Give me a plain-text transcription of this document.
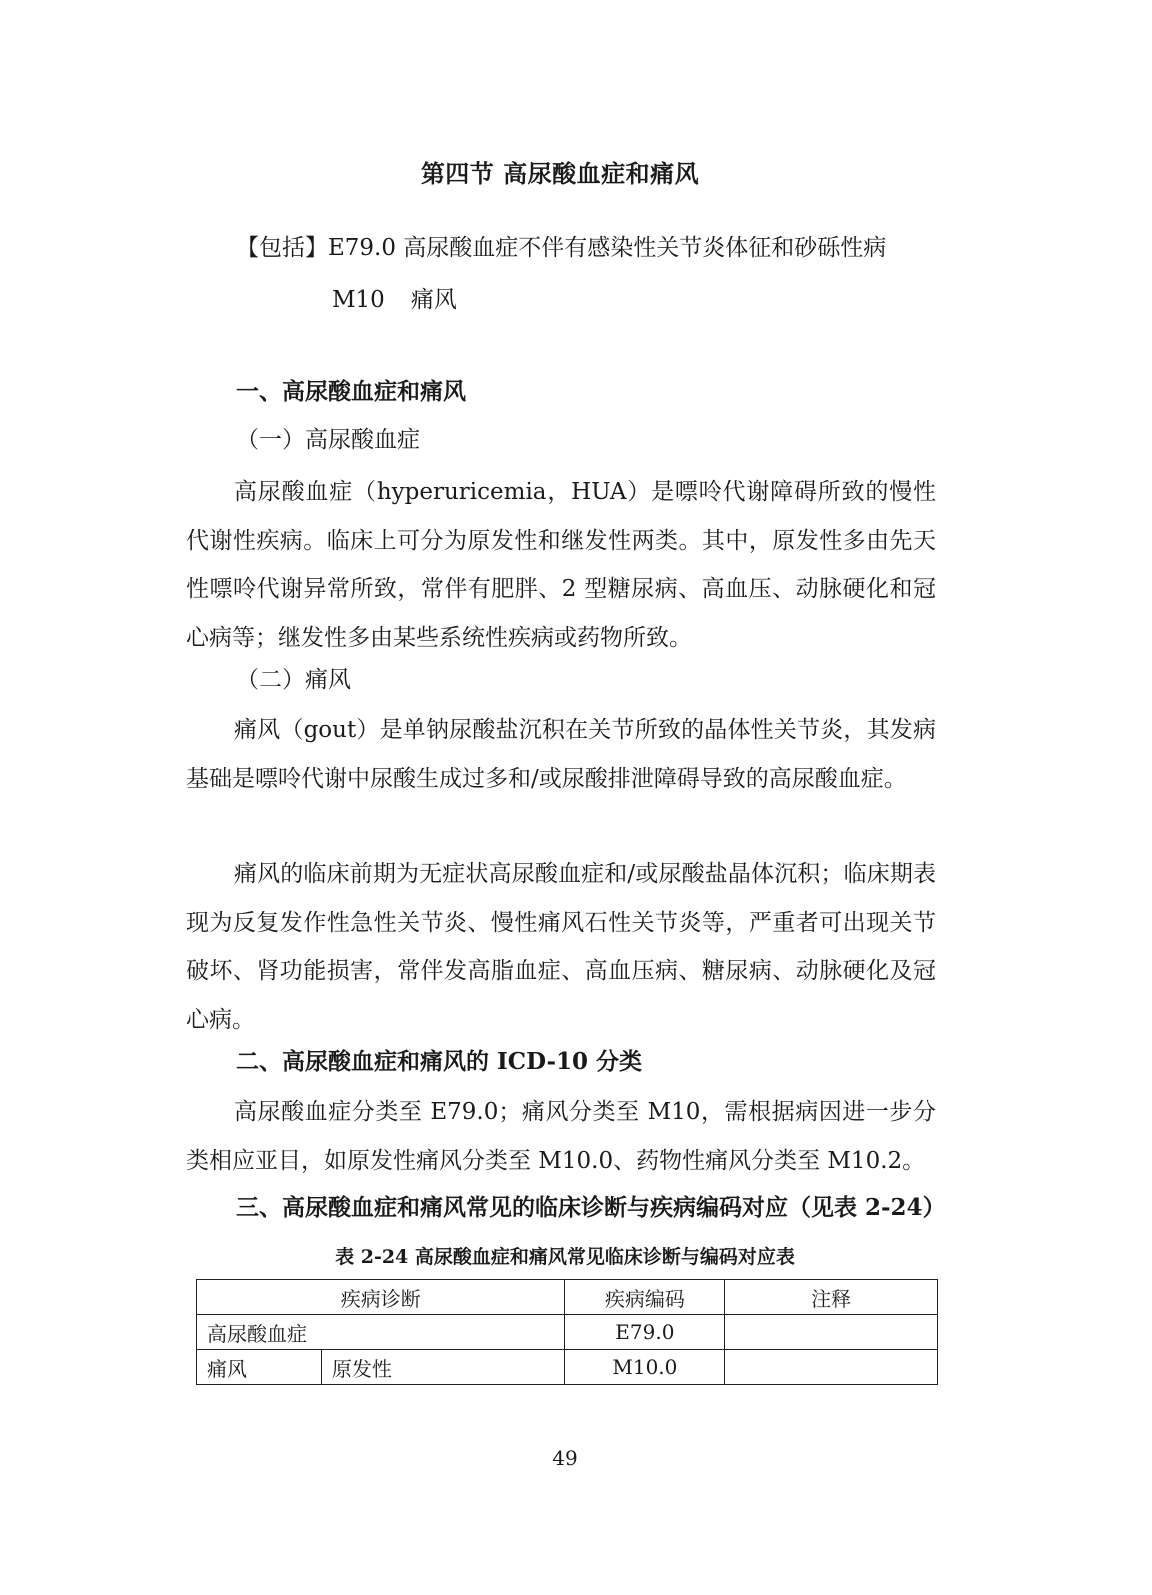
第四节 高尿酸血症和痛风
【包括】E79.0 高尿酸血症不伴有感染性关节炎体征和砂砾性病
M10 痛风
一、高尿酸血症和痛风
（一）高尿酸血症

高尿酸血症（hyperuricemia，HUA）是嘌呤代谢障碍所致的慢性代谢性疾病。临床上可分为原发性和继发性两类。其中，原发性多由先天性嘌呤代谢异常所致，常伴有肥胖、2 型糖尿病、高血压、动脉硬化和冠心病等；继发性多由某些系统性疾病或药物所致。

（二）痛风

痛风（gout）是单钠尿酸盐沉积在关节所致的晶体性关节炎，其发病基础是嘌呤代谢中尿酸生成过多和/或尿酸排泄障碍导致的高尿酸血症。

痛风的临床前期为无症状高尿酸血症和/或尿酸盐晶体沉积；临床期表现为反复发作性急性关节炎、慢性痛风石性关节炎等，严重者可出现关节破坏、肾功能损害，常伴发高脂血症、高血压病、糖尿病、动脉硬化及冠心病。

二、高尿酸血症和痛风的 ICD-10 分类

高尿酸血症分类至 E79.0；痛风分类至 M10，需根据病因进一步分类相应亚目，如原发性痛风分类至 M10.0、药物性痛风分类至 M10.2。

三、高尿酸血症和痛风常见的临床诊断与疾病编码对应（见表 2-24）
表 2-24 高尿酸血症和痛风常见临床诊断与编码对应表
疾病诊断		疾病编码	注释
高尿酸血症		E79.0	
痛风	原发性	M10.0	
49
